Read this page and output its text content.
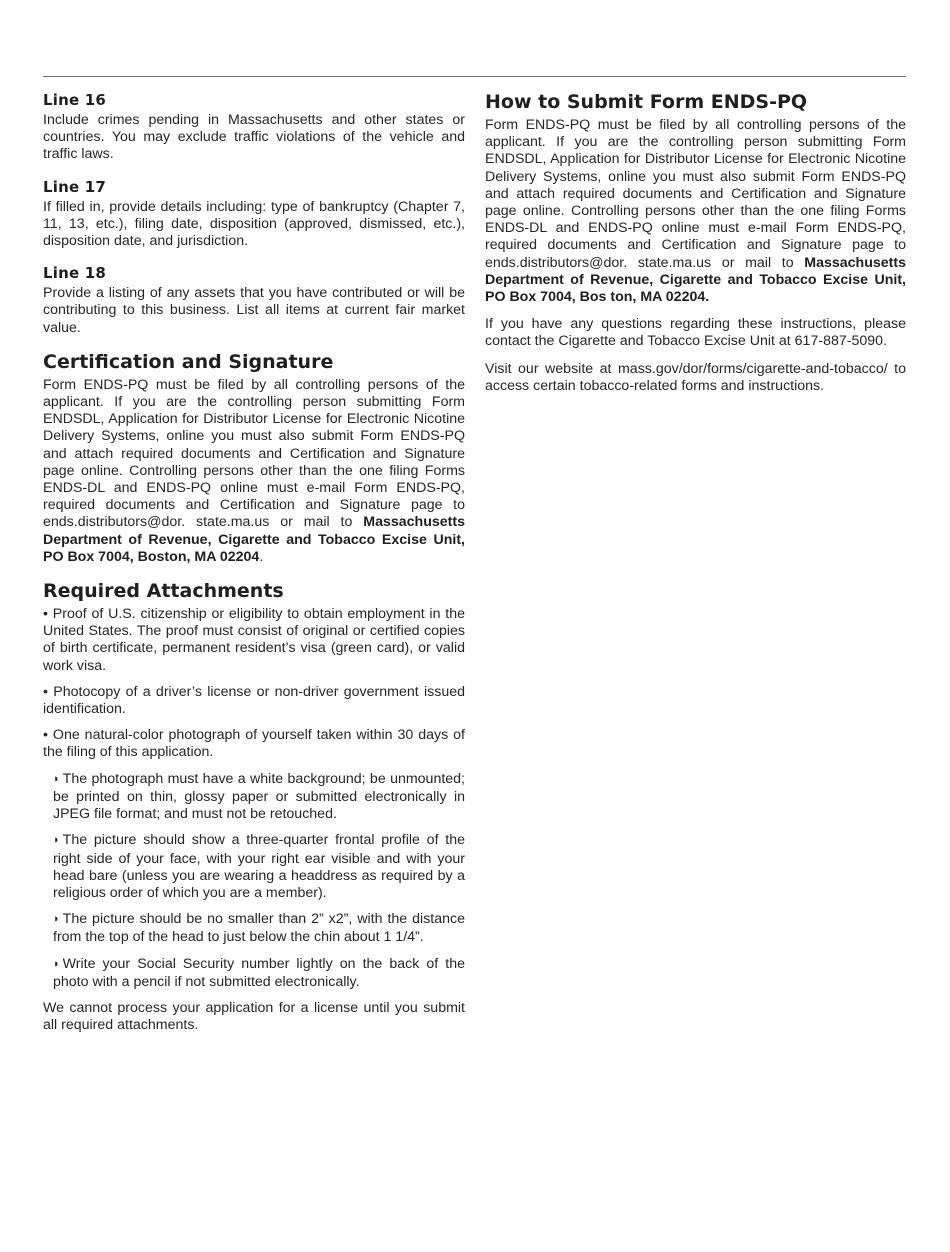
Line 16

Include crimes pending in Massachusetts and other states or countries. You may exclude traffic violations of the vehicle and traffic laws.

Line 17

If filled in, provide details including: type of bankruptcy (Chapter 7, 11, 13, etc.), filing date, disposition (approved, dismissed, etc.), disposition date, and jurisdiction.

Line 18

Provide a listing of any assets that you have contributed or will be contributing to this business. List all items at current fair market value.

Certification and Signature

Form ENDS-PQ must be filed by all controlling persons of the applicant. If you are the controlling person submitting Form ENDSDL, Application for Distributor License for Electronic Nicotine Delivery Systems, online you must also submit Form ENDS-PQ and attach required documents and Certification and Signature page online. Controlling persons other than the one filing Forms ENDS-DL and ENDS-PQ online must e-mail Form ENDS-PQ, required documents and Certification and Signature page to ends.distributors@dor. state.ma.us or mail to Massachusetts Department of Revenue, Cigarette and Tobacco Excise Unit, PO Box 7004, Boston, MA 02204.

Required Attachments

• Proof of U.S. citizenship or eligibility to obtain employment in the United States. The proof must consist of original or certified copies of birth certificate, permanent resident’s visa (green card), or valid work visa.

• Photocopy of a driver’s license or non-driver government issued identification.

• One natural-color photograph of yourself taken within 30 days of the filing of this application.

◗ The photograph must have a white background; be unmounted; be printed on thin, glossy paper or submitted electronically in JPEG file format; and must not be retouched.

◗ The picture should show a three-quarter frontal profile of the right side of your face, with your right ear visible and with your head bare (unless you are wearing a headdress as required by a religious order of which you are a member).

◗ The picture should be no smaller than 2” x2”, with the distance from the top of the head to just below the chin about 1 1/4”.

◗ Write your Social Security number lightly on the back of the photo with a pencil if not submitted electronically.

We cannot process your application for a license until you submit all required attachments.

How to Submit Form ENDS-PQ

Form ENDS-PQ must be filed by all controlling persons of the applicant. If you are the controlling person submitting Form ENDSDL, Application for Distributor License for Electronic Nicotine Delivery Systems, online you must also submit Form ENDS-PQ and attach required documents and Certification and Signature page online. Controlling persons other than the one filing Forms ENDS-DL and ENDS-PQ online must e-mail Form ENDS-PQ, required documents and Certification and Signature page to ends.distributors@dor. state.ma.us or mail to Massachusetts Department of Revenue, Cigarette and Tobacco Excise Unit, PO Box 7004, Bos ton, MA 02204.

If you have any questions regarding these instructions, please contact the Cigarette and Tobacco Excise Unit at 617-887-5090.

Visit our website at mass.gov/dor/forms/cigarette-and-tobacco/ to access certain tobacco-related forms and instructions.
